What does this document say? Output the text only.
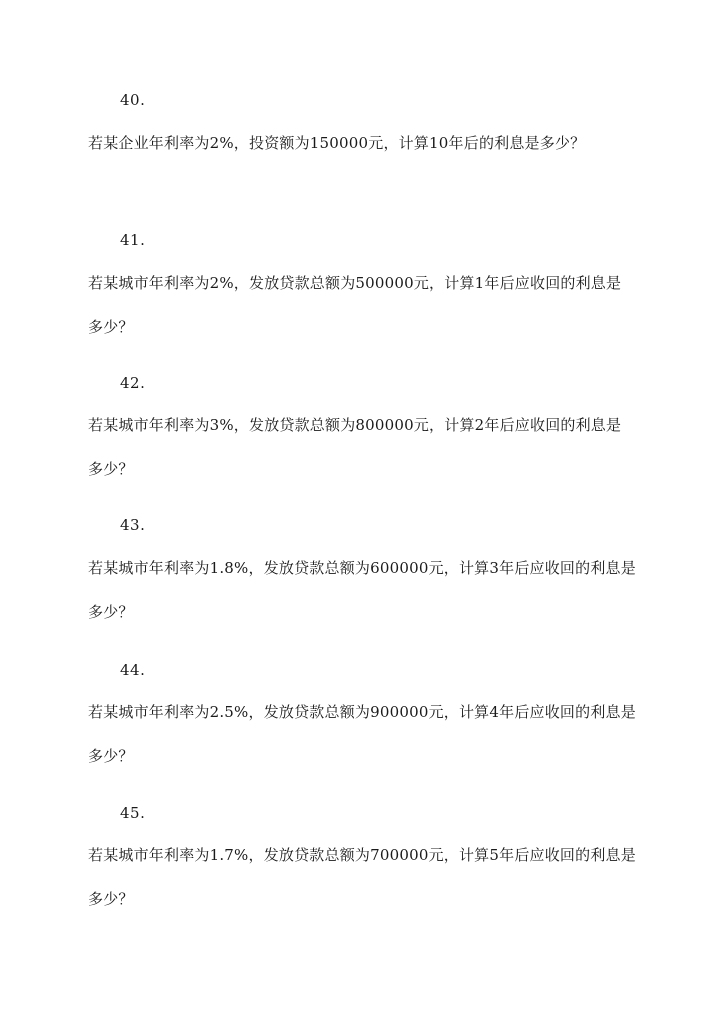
40.
若某企业年利率为2%，投资额为150000元，计算10年后的利息是多少？
41.
若某城市年利率为2%，发放贷款总额为500000元，计算1年后应收回的利息是多少？
42.
若某城市年利率为3%，发放贷款总额为800000元，计算2年后应收回的利息是多少？
43.
若某城市年利率为1.8%，发放贷款总额为600000元，计算3年后应收回的利息是多少？
44.
若某城市年利率为2.5%，发放贷款总额为900000元，计算4年后应收回的利息是多少？
45.
若某城市年利率为1.7%，发放贷款总额为700000元，计算5年后应收回的利息是多少？
